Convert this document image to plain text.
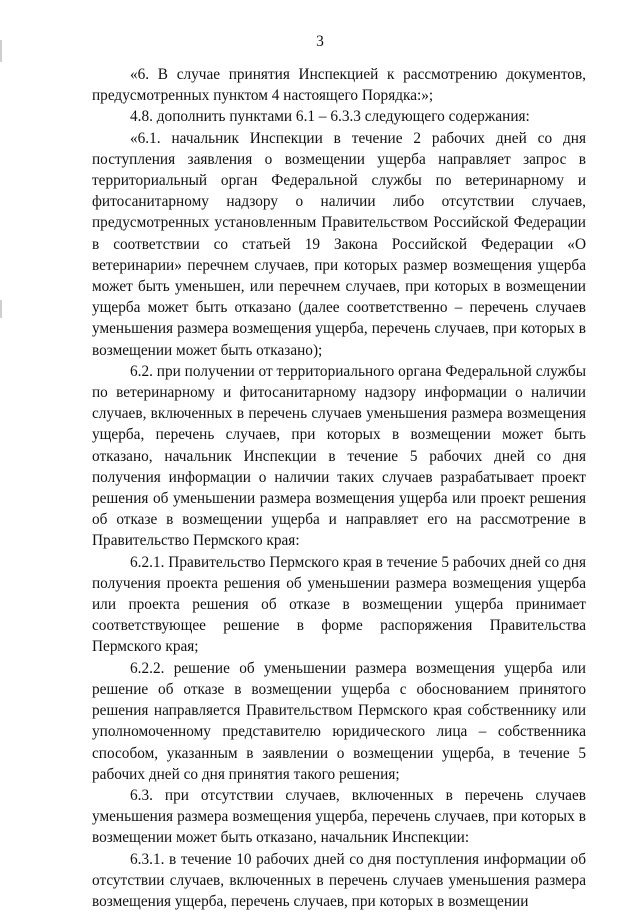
3

«6. В случае принятия Инспекцией к рассмотрению документов, предусмотренных пунктом 4 настоящего Порядка:»;

4.8. дополнить пунктами 6.1 – 6.3.3 следующего содержания:

«6.1. начальник Инспекции в течение 2 рабочих дней со дня поступления заявления о возмещении ущерба направляет запрос в территориальный орган Федеральной службы по ветеринарному и фитосанитарному надзору о наличии либо отсутствии случаев, предусмотренных установленным Правительством Российской Федерации в соответствии со статьей 19 Закона Российской Федерации «О ветеринарии» перечнем случаев, при которых размер возмещения ущерба может быть уменьшен, или перечнем случаев, при которых в возмещении ущерба может быть отказано (далее соответственно – перечень случаев уменьшения размера возмещения ущерба, перечень случаев, при которых в возмещении может быть отказано);

6.2. при получении от территориального органа Федеральной службы по ветеринарному и фитосанитарному надзору информации о наличии случаев, включенных в перечень случаев уменьшения размера возмещения ущерба, перечень случаев, при которых в возмещении может быть отказано, начальник Инспекции в течение 5 рабочих дней со дня получения информации о наличии таких случаев разрабатывает проект решения об уменьшении размера возмещения ущерба или проект решения об отказе в возмещении ущерба и направляет его на рассмотрение в Правительство Пермского края:

6.2.1. Правительство Пермского края в течение 5 рабочих дней со дня получения проекта решения об уменьшении размера возмещения ущерба или проекта решения об отказе в возмещении ущерба принимает соответствующее решение в форме распоряжения Правительства Пермского края;

6.2.2. решение об уменьшении размера возмещения ущерба или решение об отказе в возмещении ущерба с обоснованием принятого решения направляется Правительством Пермского края собственнику или уполномоченному представителю юридического лица – собственника способом, указанным в заявлении о возмещении ущерба, в течение 5 рабочих дней со дня принятия такого решения;

6.3. при отсутствии случаев, включенных в перечень случаев уменьшения размера возмещения ущерба, перечень случаев, при которых в возмещении может быть отказано, начальник Инспекции:

6.3.1. в течение 10 рабочих дней со дня поступления информации об отсутствии случаев, включенных в перечень случаев уменьшения размера возмещения ущерба, перечень случаев, при которых в возмещении
